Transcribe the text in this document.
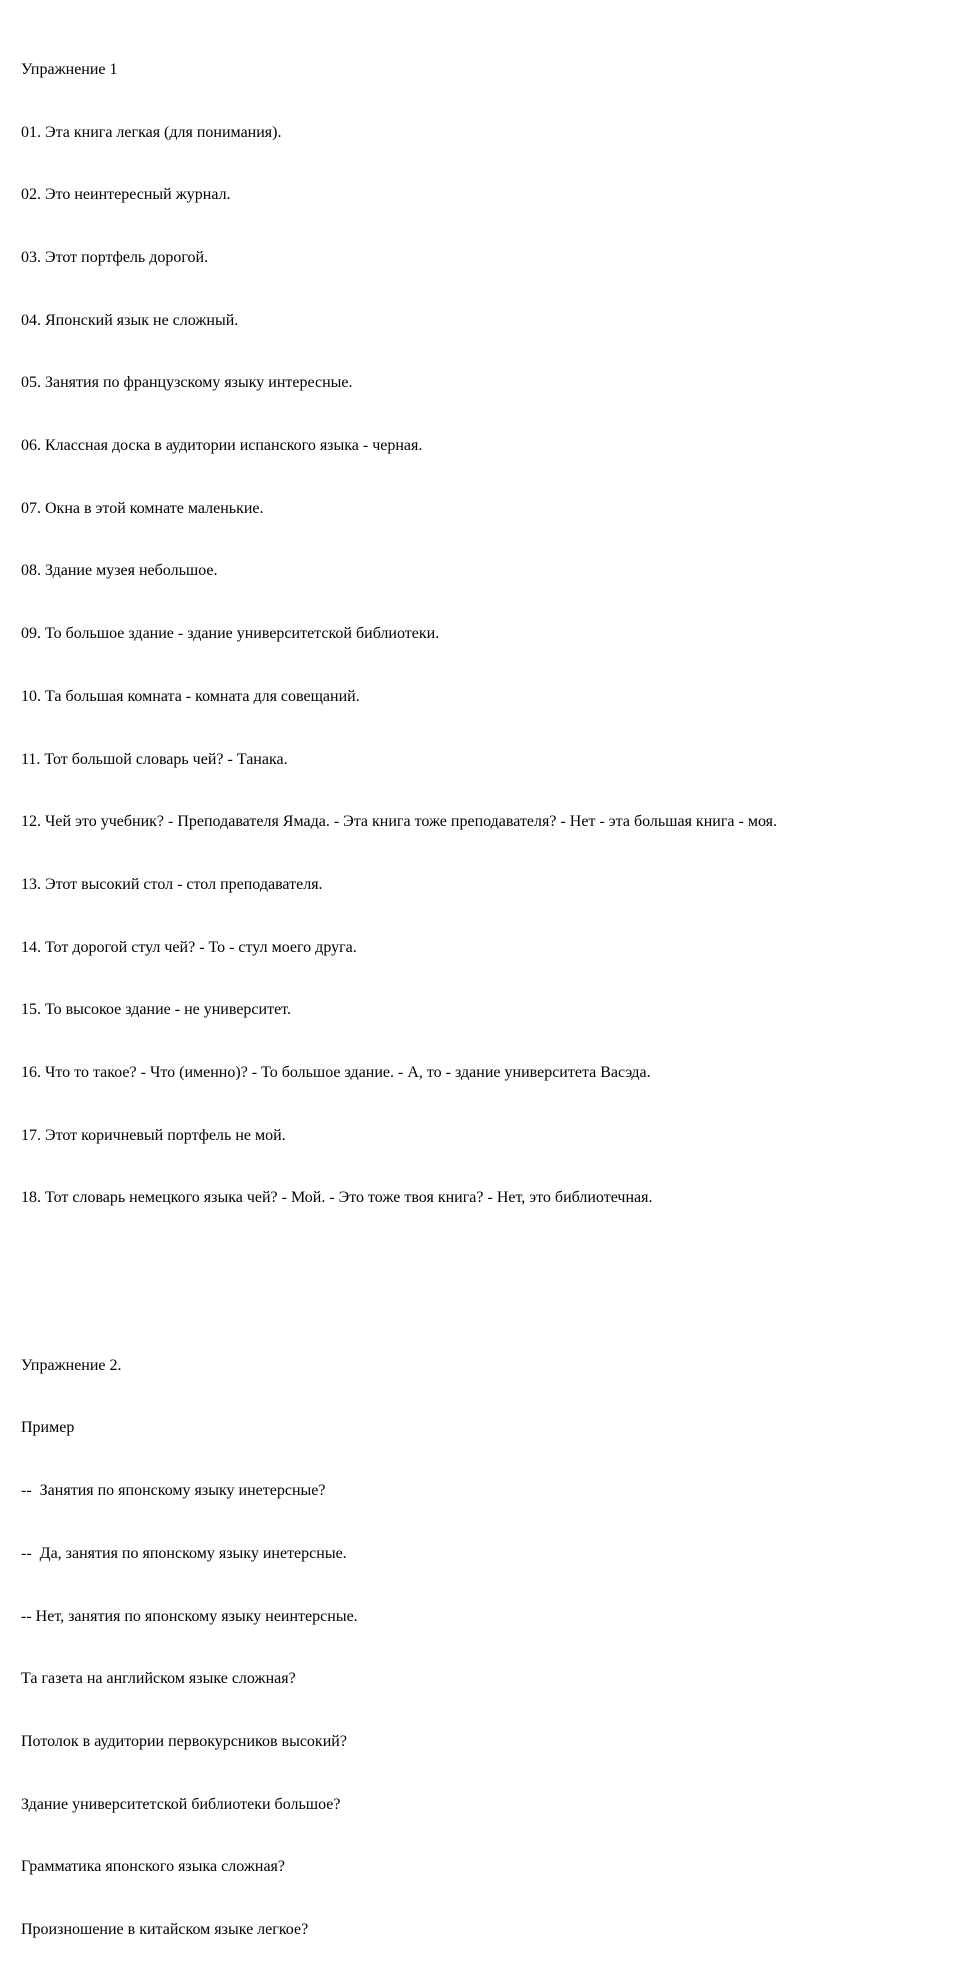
Упражнение 1

01. Эта книга легкая (для понимания).

02. Это неинтересный журнал.

03. Этот портфель дорогой.

04. Японский язык не сложный.

05. Занятия по французскому языку интересные.

06. Классная доска в аудитории испанского языка - черная.

07. Окна в этой комнате маленькие.

08. Здание музея небольшое.

09. То большое здание - здание университетской библиотеки.

10. Та большая комната - комната для совещаний.

11. Тот большой словарь чей? - Танака.

12. Чей это учебник? - Преподавателя Ямада. - Эта книга тоже преподавателя? - Нет - эта большая книга - моя.

13. Этот высокий стол - стол преподавателя.

14. Тот дорогой стул чей? - То - стул моего друга.

15. То высокое здание - не университет.

16. Что то такое? - Что (именно)? - То большое здание. - А, то - здание университета Васэда.

17. Этот коричневый портфель не мой.

18. Тот словарь немецкого языка чей? - Мой. - Это тоже твоя книга? - Нет, это библиотечная.

Упражнение 2.

Пример

--  Занятия по японскому языку инетерсные?

--  Да, занятия по японскому языку инетерсные.

-- Нет, занятия по японскому языку неинтерсные.

Та газета на английском языке сложная?

Потолок в аудитории первокурсников высокий?

Здание университетской библиотеки большое?

Грамматика японского языка сложная?

Произношение в китайском языке легкое?
